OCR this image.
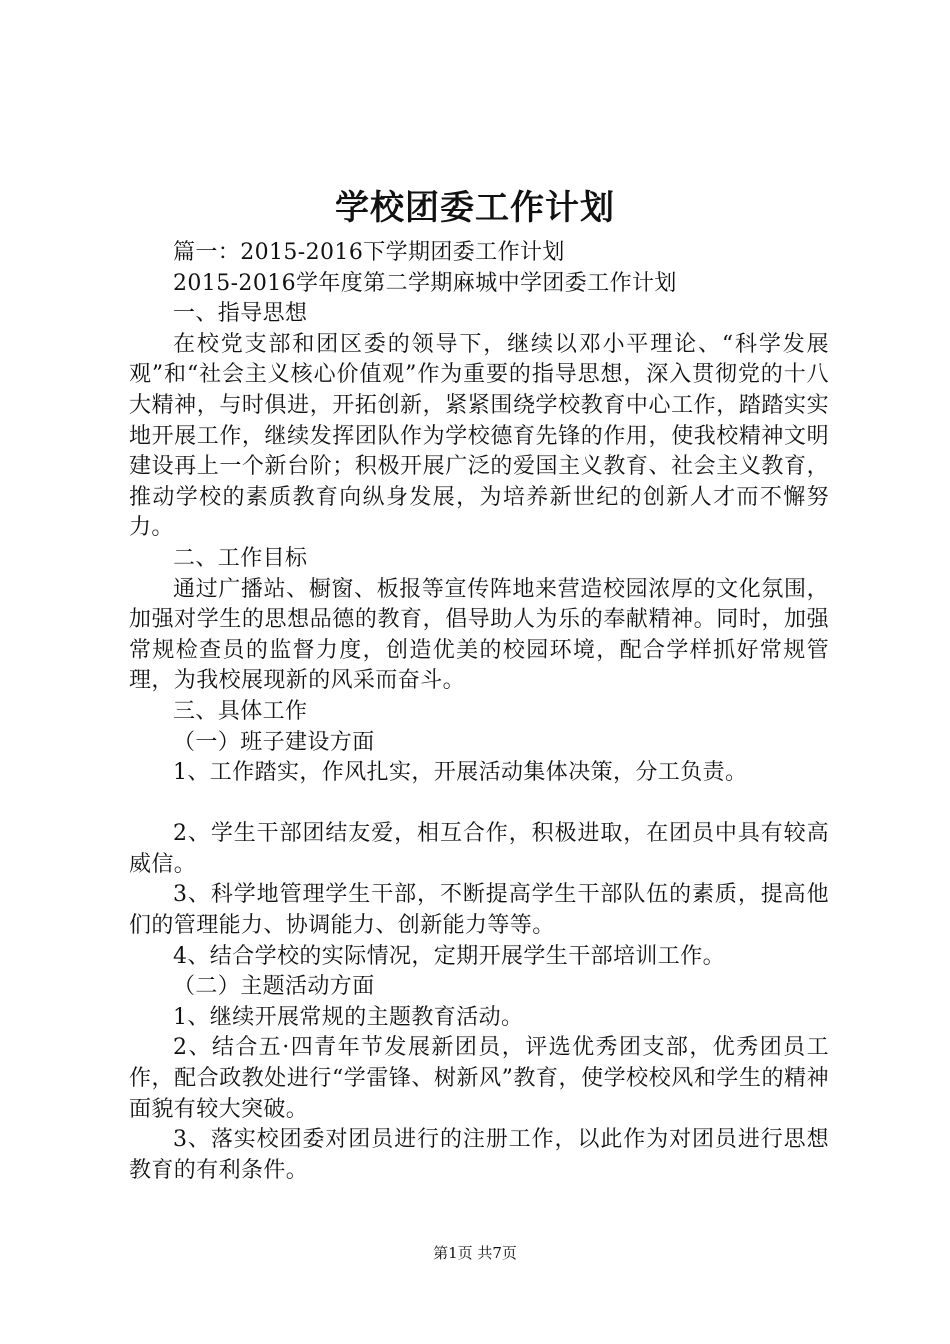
学校团委工作计划

篇一：2015-2016下学期团委工作计划

2015-2016学年度第二学期麻城中学团委工作计划

一、指导思想

在校党支部和团区委的领导下，继续以邓小平理论、“科学发展观”和“社会主义核心价值观”作为重要的指导思想，深入贯彻党的十八大精神，与时俱进，开拓创新，紧紧围绕学校教育中心工作，踏踏实实地开展工作，继续发挥团队作为学校德育先锋的作用，使我校精神文明建设再上一个新台阶；积极开展广泛的爱国主义教育、社会主义教育，推动学校的素质教育向纵身发展，为培养新世纪的创新人才而不懈努力。

二、工作目标

通过广播站、橱窗、板报等宣传阵地来营造校园浓厚的文化氛围，加强对学生的思想品德的教育，倡导助人为乐的奉献精神。同时，加强常规检查员的监督力度，创造优美的校园环境，配合学样抓好常规管理，为我校展现新的风采而奋斗。

三、具体工作

（一）班子建设方面

1、工作踏实，作风扎实，开展活动集体决策，分工负责。

2、学生干部团结友爱，相互合作，积极进取，在团员中具有较高威信。

3、科学地管理学生干部，不断提高学生干部队伍的素质，提高他们的管理能力、协调能力、创新能力等等。

4、结合学校的实际情况，定期开展学生干部培训工作。

（二）主题活动方面

1、继续开展常规的主题教育活动。

2、结合五·四青年节发展新团员，评选优秀团支部，优秀团员工作，配合政教处进行“学雷锋、树新风”教育，使学校校风和学生的精神面貌有较大突破。

3、落实校团委对团员进行的注册工作，以此作为对团员进行思想教育的有利条件。

第1页 共7页
